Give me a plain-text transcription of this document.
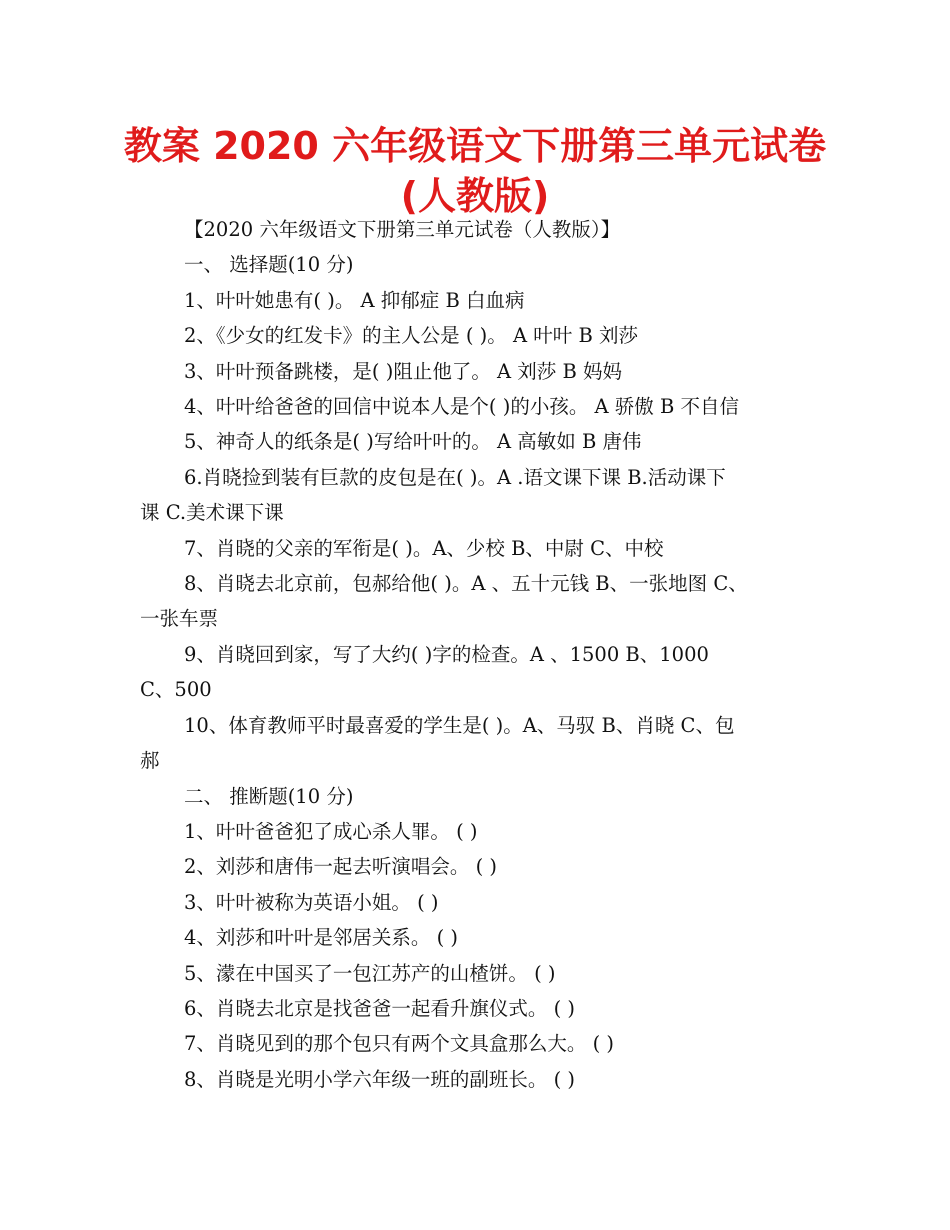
教案 2020 六年级语文下册第三单元试卷
(人教版)

【2020 六年级语文下册第三单元试卷（人教版）】

一、 选择题(10 分)

1、叶叶她患有( )。 A 抑郁症 B 白血病

2、《少女的红发卡》的主人公是 ( )。 A 叶叶 B 刘莎

3、叶叶预备跳楼，是( )阻止他了。 A 刘莎 B 妈妈

4、叶叶给爸爸的回信中说本人是个( )的小孩。 A 骄傲 B 不自信

5、神奇人的纸条是( )写给叶叶的。 A 高敏如 B 唐伟

6.肖晓捡到装有巨款的皮包是在( )。A .语文课下课 B.活动课下

课 C.美术课下课

7、肖晓的父亲的军衔是( )。A、少校 B、中尉 C、中校

8、肖晓去北京前，包郝给他( )。A 、五十元钱 B、一张地图 C、

一张车票

9、肖晓回到家，写了大约( )字的检查。A 、1500 B、1000

C、500

10、体育教师平时最喜爱的学生是( )。A、马驭 B、肖晓 C、包

郝

二、 推断题(10 分)

1、叶叶爸爸犯了成心杀人罪。 ( )

2、刘莎和唐伟一起去听演唱会。 ( )

3、叶叶被称为英语小姐。 ( )

4、刘莎和叶叶是邻居关系。 ( )

5、濛在中国买了一包江苏产的山楂饼。 ( )

6、肖晓去北京是找爸爸一起看升旗仪式。 ( )

7、肖晓见到的那个包只有两个文具盒那么大。 ( )

8、肖晓是光明小学六年级一班的副班长。 ( )
